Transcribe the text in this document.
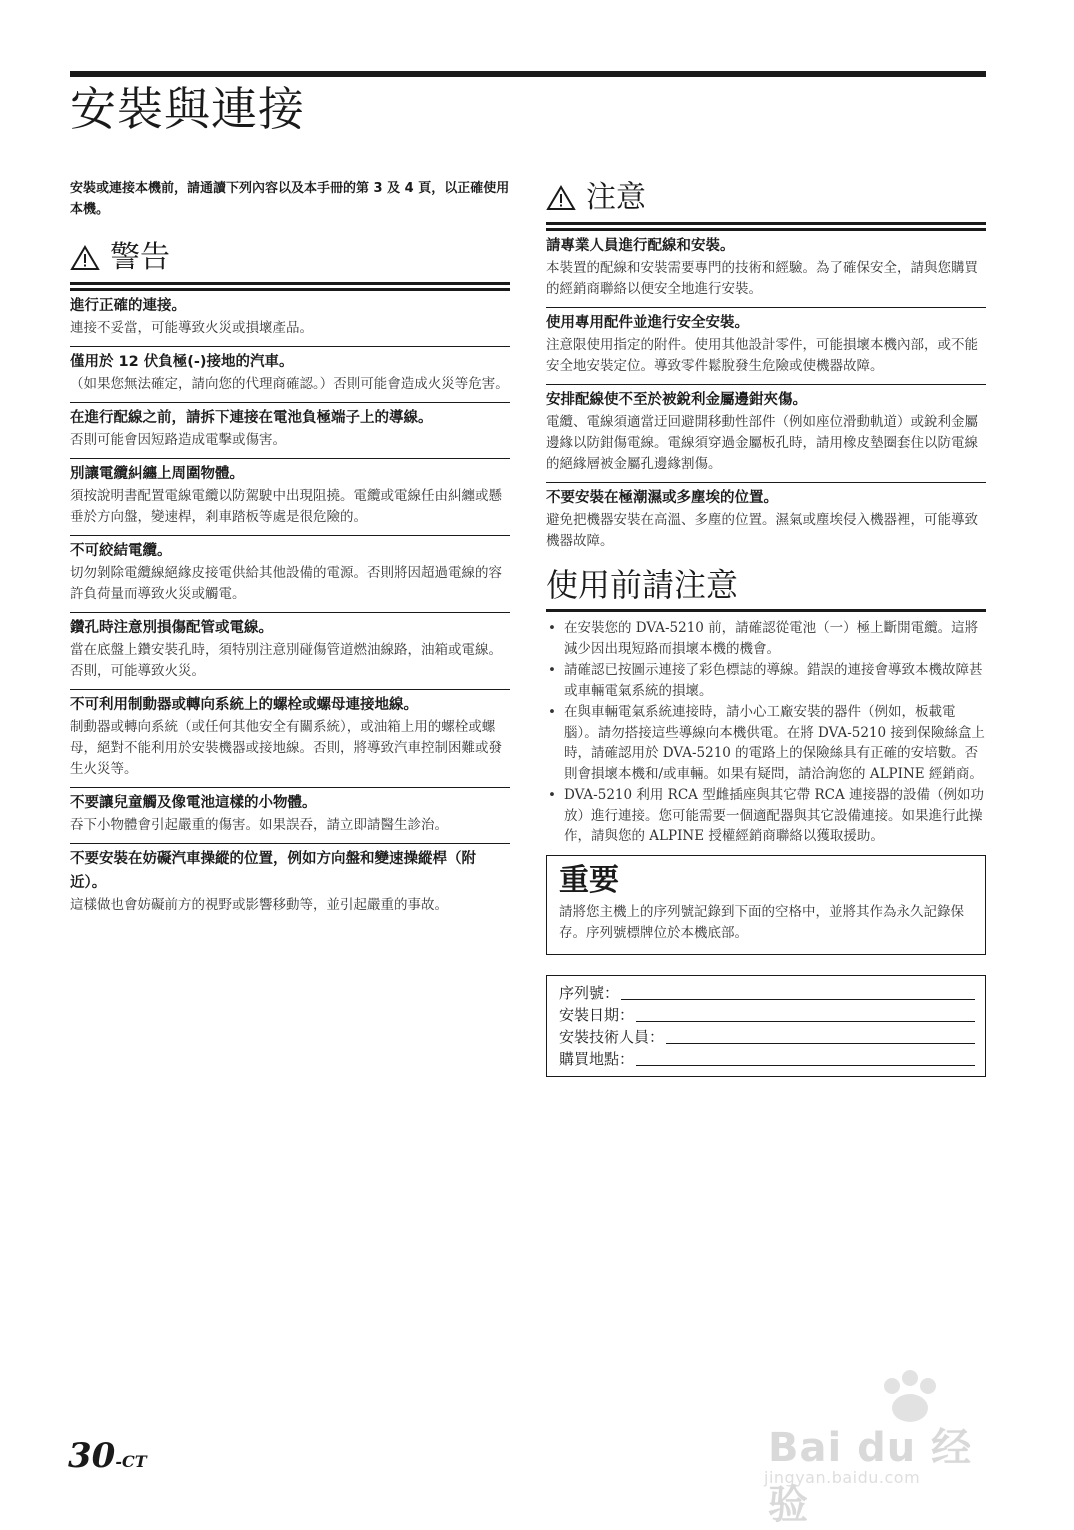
安裝與連接

安裝或連接本機前，請通讀下列內容以及本手冊的第 3 及 4 頁，以正確使用本機。

警告
進行正確的連接。
連接不妥當，可能導致火災或損壞產品。
僅用於 12 伏負極(-)接地的汽車。
（如果您無法確定，請向您的代理商確認。）否則可能會造成火災等危害。
在進行配線之前，請拆下連接在電池負極端子上的導線。
否則可能會因短路造成電擊或傷害。
別讓電纜糾纏上周圍物體。
須按說明書配置電線電纜以防駕駛中出現阻撓。電纜或電線任由糾纏或懸垂於方向盤，變速桿，剎車踏板等處是很危險的。
不可絞結電纜。
切勿剝除電纜線絕緣皮接電供給其他設備的電源。否則將因超過電線的容許負荷量而導致火災或觸電。
鑽孔時注意別損傷配管或電線。
當在底盤上鑽安裝孔時，須特別注意別碰傷管道燃油線路，油箱或電線。否則，可能導致火災。
不可利用制動器或轉向系統上的螺栓或螺母連接地線。
制動器或轉向系統（或任何其他安全有關系統），或油箱上用的螺栓或螺母，絕對不能利用於安裝機器或接地線。否則，將導致汽車控制困難或發生火災等。
不要讓兒童觸及像電池這樣的小物體。
吞下小物體會引起嚴重的傷害。如果誤吞，請立即請醫生診治。
不要安裝在妨礙汽車操縱的位置，例如方向盤和變速操縱桿（附近）。
這樣做也會妨礙前方的視野或影響移動等，並引起嚴重的事故。
注意
請專業人員進行配線和安裝。
本裝置的配線和安裝需要專門的技術和經驗。為了確保安全，請與您購買的經銷商聯絡以便安全地進行安裝。
使用專用配件並進行安全安裝。
注意限使用指定的附件。使用其他設計零件，可能損壞本機內部，或不能安全地安裝定位。導致零件鬆脫發生危險或使機器故障。
安排配線使不至於被銳利金屬邊鉗夾傷。
電纜、電線須適當迂回避開移動性部件（例如座位滑動軌道）或銳利金屬邊緣以防鉗傷電線。電線須穿過金屬板孔時，請用橡皮墊圈套住以防電線的絕緣層被金屬孔邊緣割傷。
不要安裝在極潮濕或多塵埃的位置。
避免把機器安裝在高溫、多塵的位置。濕氣或塵埃侵入機器裡，可能導致機器故障。
使用前請注意
• 在安裝您的 DVA-5210 前，請確認從電池（一）極上斷開電纜。這將減少因出現短路而損壞本機的機會。
• 請確認已按圖示連接了彩色標誌的導線。錯誤的連接會導致本機故障甚或車輛電氣系統的損壞。
• 在與車輛電氣系統連接時，請小心工廠安裝的器件（例如，板載電腦）。請勿搭接這些導線向本機供電。在將 DVA-5210 接到保險絲盒上時，請確認用於 DVA-5210 的電路上的保險絲具有正確的安培數。否則會損壞本機和/或車輛。如果有疑問，請洽詢您的 ALPINE 經銷商。
• DVA-5210 利用 RCA 型雌插座與其它帶 RCA 連接器的設備（例如功放）進行連接。您可能需要一個適配器與其它設備連接。如果進行此操作，請與您的 ALPINE 授權經銷商聯絡以獲取援助。
重要
請將您主機上的序列號記錄到下面的空格中，並將其作為永久記錄保存。序列號標牌位於本機底部。
序列號：
安裝日期：
安裝技術人員：
購買地點：
30-CT	Bai du 经验
jingyan.baidu.com
